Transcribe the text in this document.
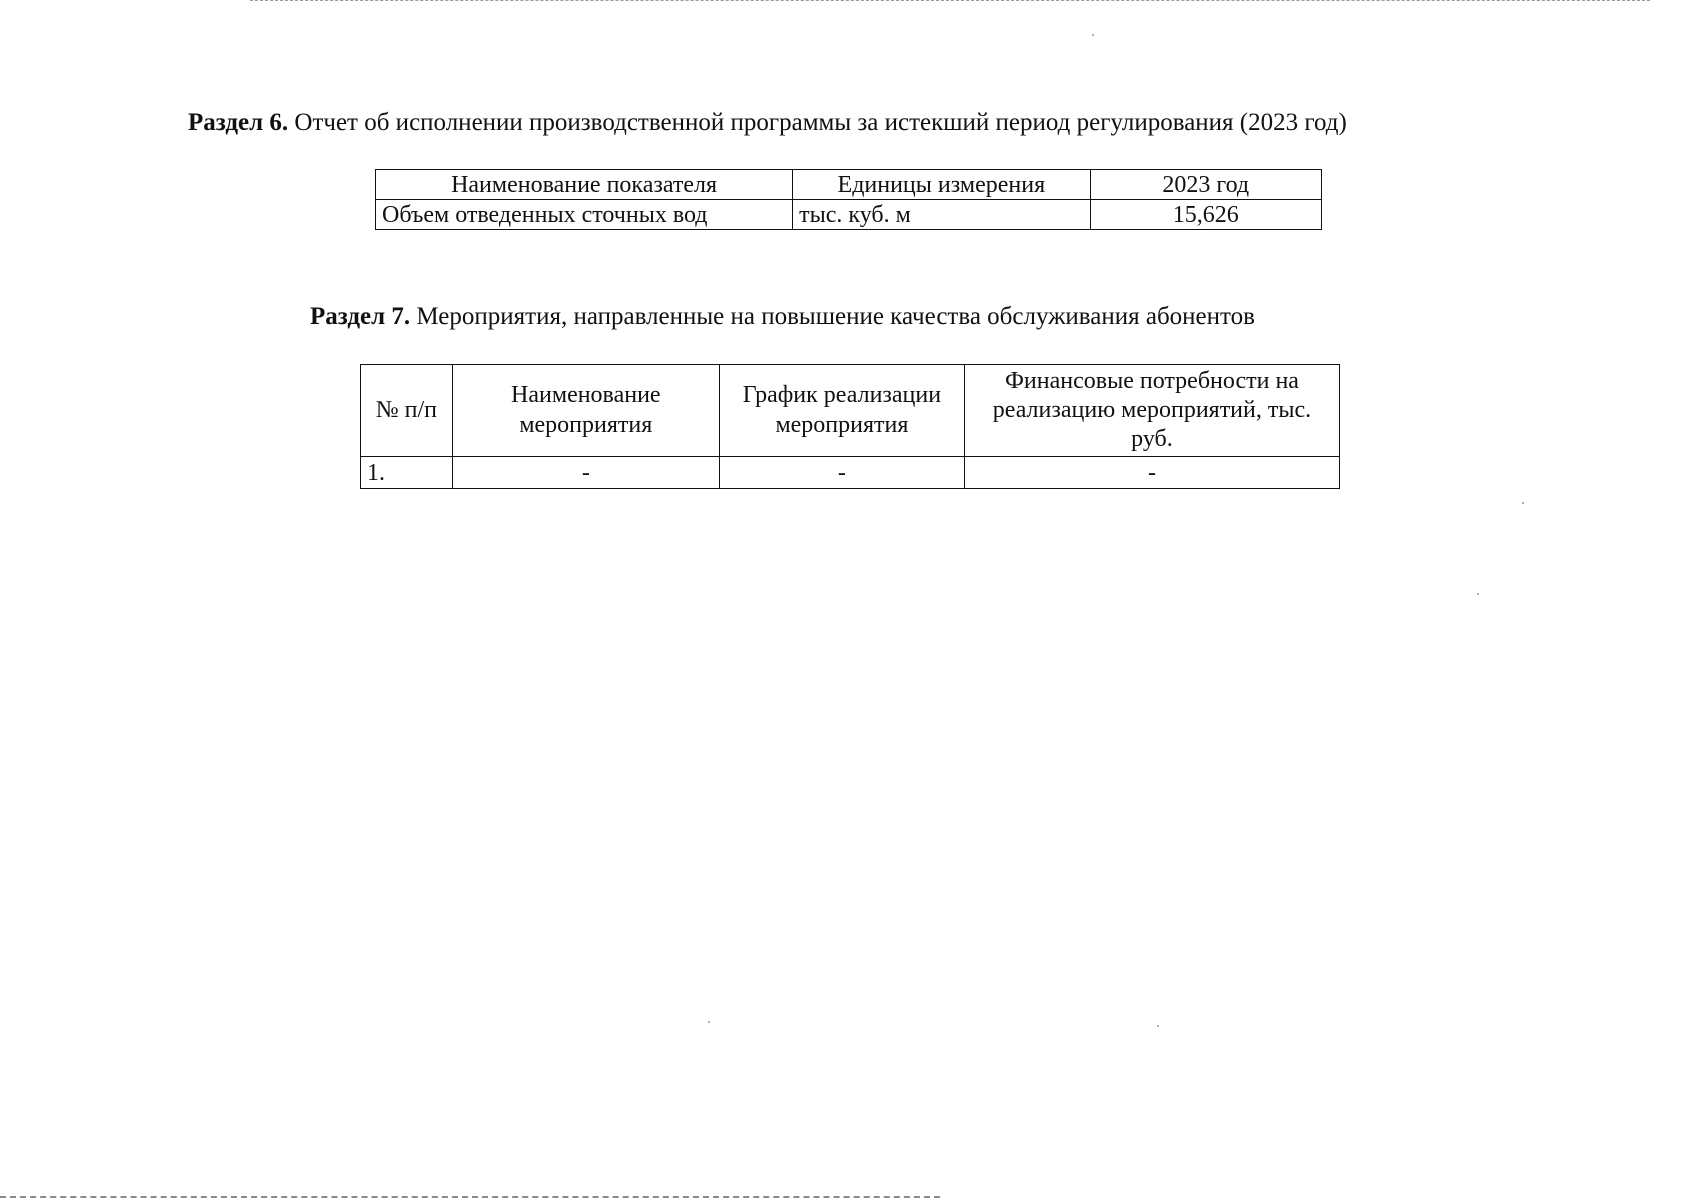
Раздел 6. Отчет об исполнении производственной программы за истекший период регулирования (2023 год)
Наименование показателя	Единицы измерения	2023 год
Объем отведенных сточных вод	тыс. куб. м	15,626
Раздел 7. Мероприятия, направленные на повышение качества обслуживания абонентов
№ п/п	Наименование мероприятия	График реализации мероприятия	Финансовые потребности на реализацию мероприятий, тыс. руб.
1.	-	-	-
